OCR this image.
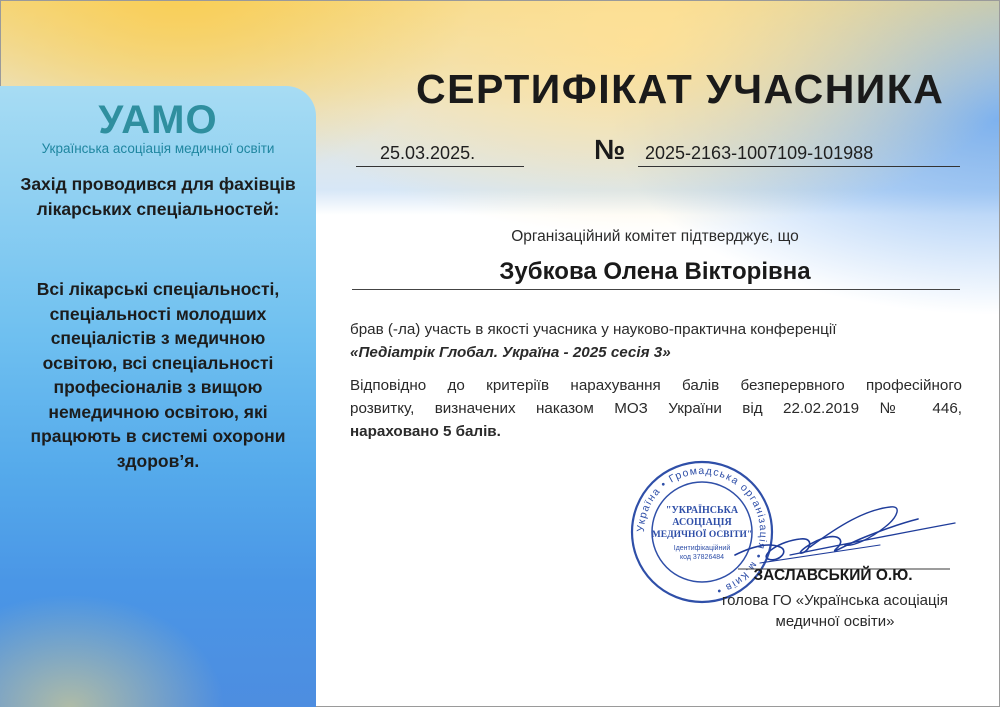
УАМО
Українська асоціація медичної освіти
Захід проводився для фахівців лікарських спеціальностей:
Всі лікарські спеціальності, спеціальності молодших спеціалістів з медичною освітою, всі спеціальності професіоналів з вищою немедичною освітою, які працюють в системі охорони здоров’я.
СЕРТИФІКАТ УЧАСНИКА
25.03.2025.	№ 2025-2163-1007109-101988
Організаційний комітет підтверджує, що
Зубкова Олена Вікторівна
брав (-ла) участь в якості учасника у науково-практична конференції
«Педіатрік Глобал. Україна - 2025 сесія 3»
Відповідно до критеріїв нарахування балів безперервного професійного
розвитку, визначених наказом МОЗ України від 22.02.2019 № 446,
нараховано 5 балів.
Україна • Громадська організація • м.Київ •
"УКРАЇНСЬКА
АСОЦІАЦІЯ
МЕДИЧНОЇ ОСВІТИ"
Ідентифікаційний
код 37826484
ЗАСЛАВСЬКИЙ О.Ю.
голова ГО «Українська асоціація медичної освіти»
